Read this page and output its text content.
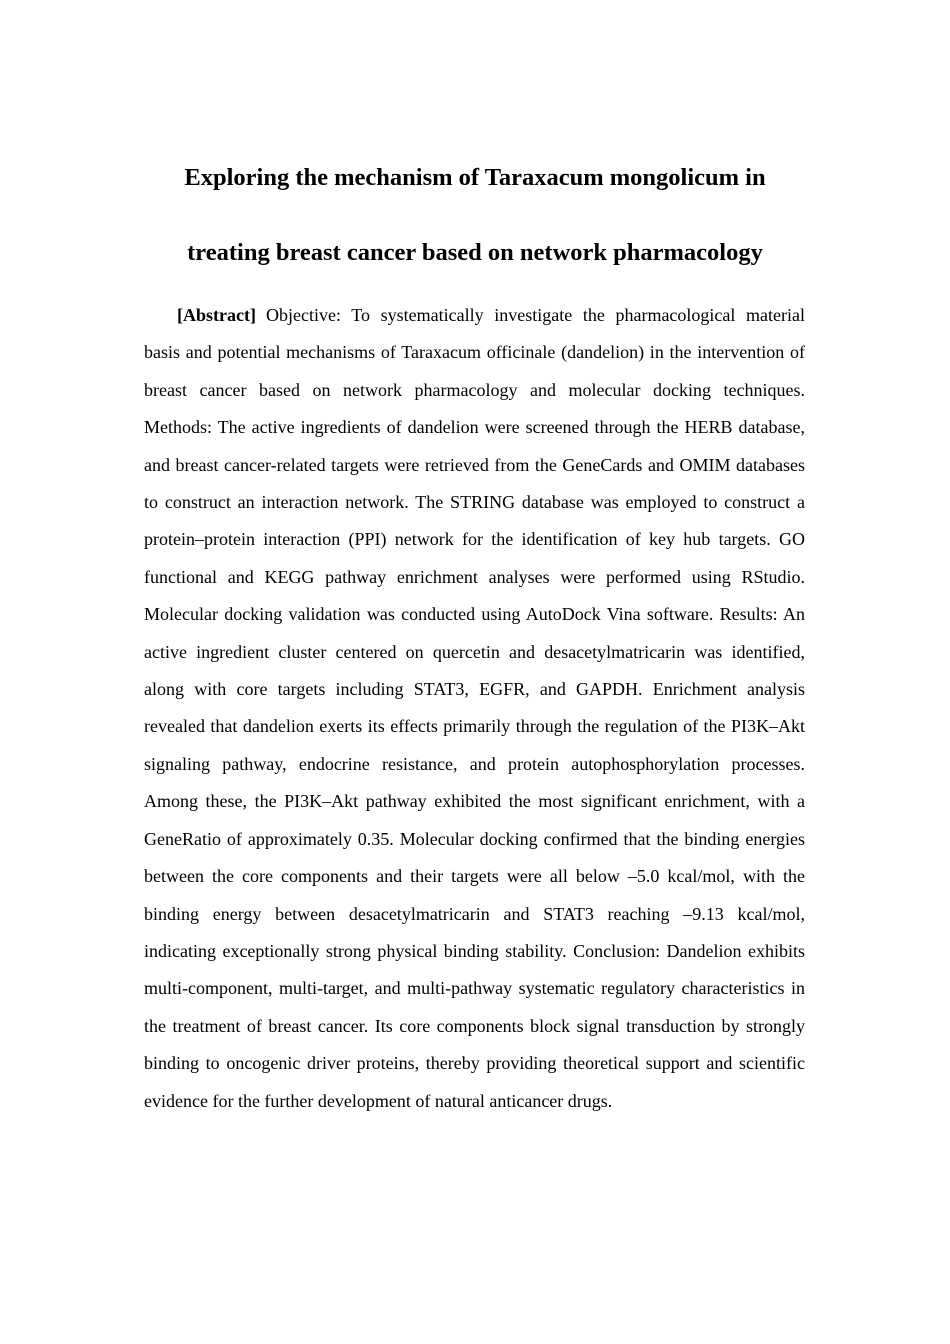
Exploring the mechanism of Taraxacum mongolicum in
treating breast cancer based on network pharmacology

[Abstract] Objective: To systematically investigate the pharmacological material basis and potential mechanisms of Taraxacum officinale (dandelion) in the intervention of breast cancer based on network pharmacology and molecular docking techniques. Methods: The active ingredients of dandelion were screened through the HERB database, and breast cancer-related targets were retrieved from the GeneCards and OMIM databases to construct an interaction network. The STRING database was employed to construct a protein–protein interaction (PPI) network for the identification of key hub targets. GO functional and KEGG pathway enrichment analyses were performed using RStudio. Molecular docking validation was conducted using AutoDock Vina software. Results: An active ingredient cluster centered on quercetin and desacetylmatricarin was identified, along with core targets including STAT3, EGFR, and GAPDH. Enrichment analysis revealed that dandelion exerts its effects primarily through the regulation of the PI3K–Akt signaling pathway, endocrine resistance, and protein autophosphorylation processes. Among these, the PI3K–Akt pathway exhibited the most significant enrichment, with a GeneRatio of approximately 0.35. Molecular docking confirmed that the binding energies between the core components and their targets were all below –5.0 kcal/mol, with the binding energy between desacetylmatricarin and STAT3 reaching –9.13 kcal/mol, indicating exceptionally strong physical binding stability. Conclusion: Dandelion exhibits multi-component, multi-target, and multi-pathway systematic regulatory characteristics in the treatment of breast cancer. Its core components block signal transduction by strongly binding to oncogenic driver proteins, thereby providing theoretical support and scientific evidence for the further development of natural anticancer drugs.
